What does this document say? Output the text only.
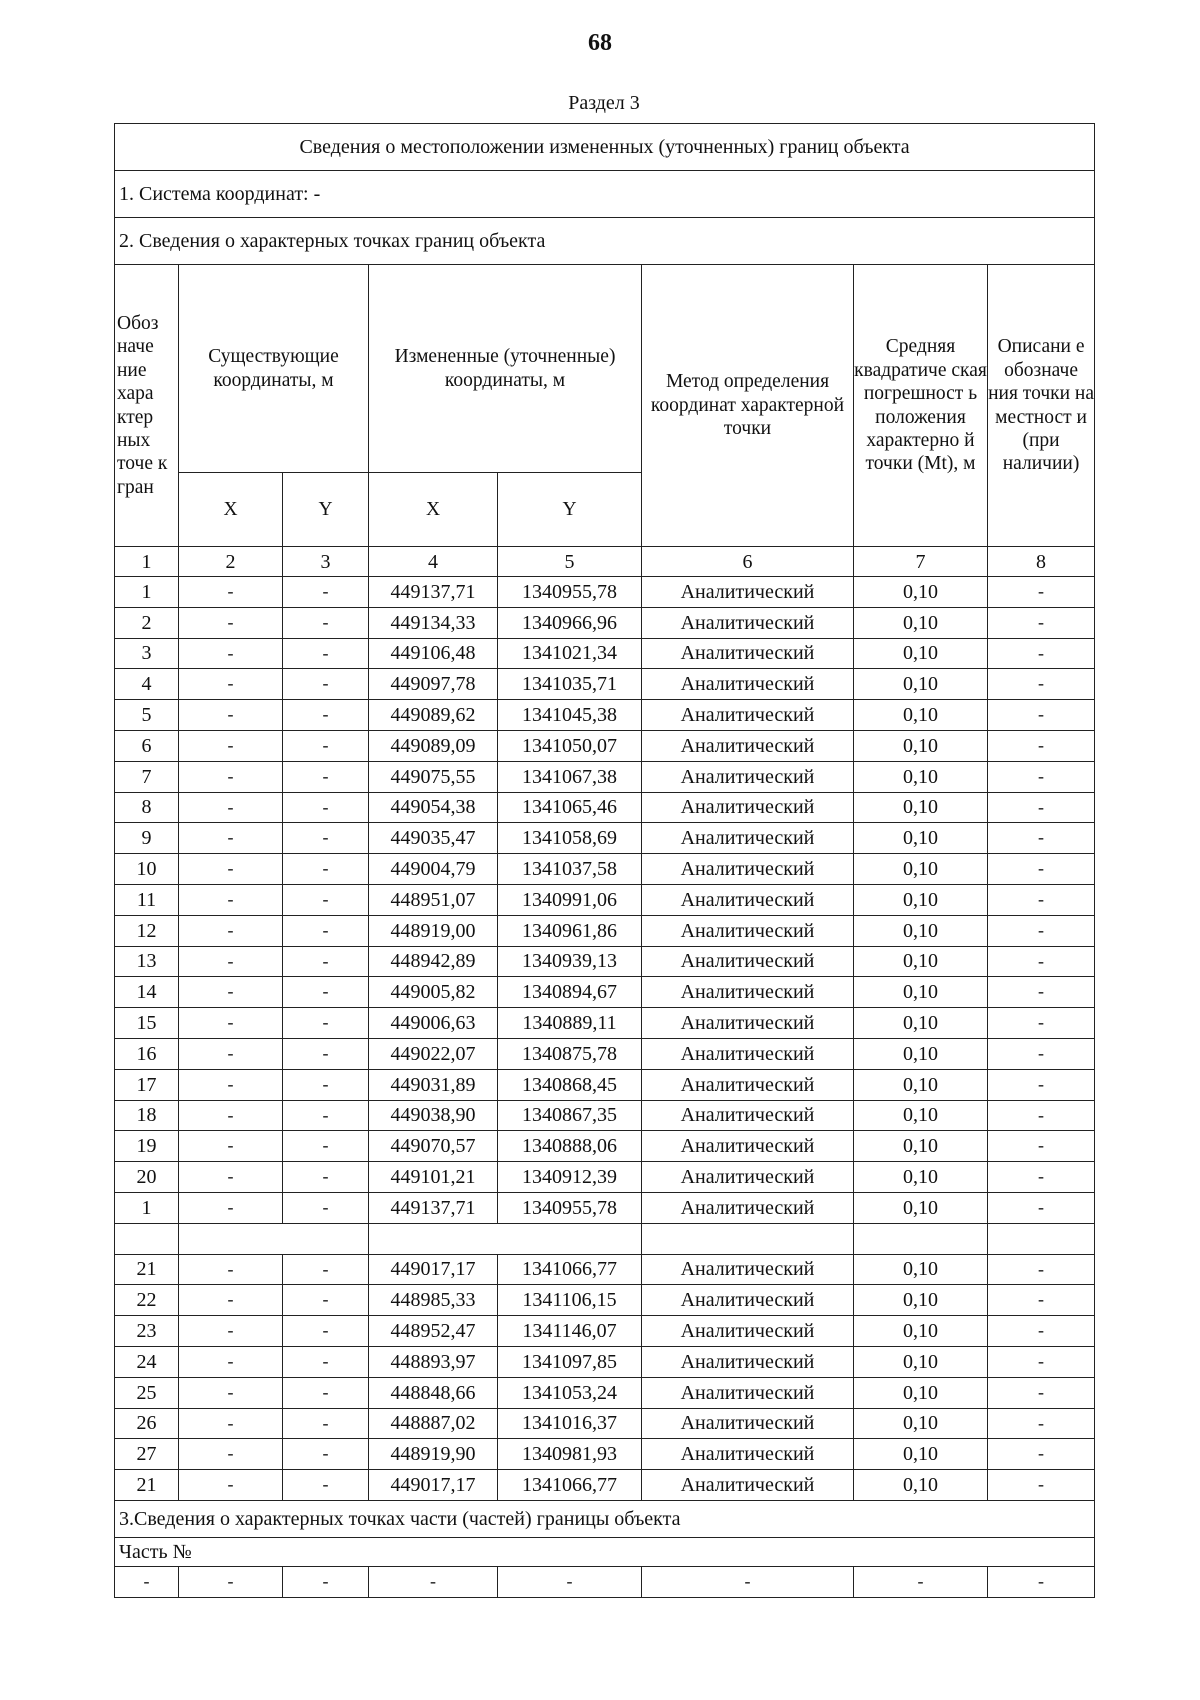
68
Раздел 3
Сведения о местоположении измененных (уточненных) границ объекта							
1. Система координат: -							
2. Сведения о характерных точках границ объекта							
Обоз наче ние хара ктер ных точе к гран	Существующие координаты, м		Измененные (уточненные) координаты, м		Метод определения координат характерной точки	Средняя квадратиче ская погрешност ь положения характерно й точки (Mt), м	Описани е обозначе ния точки на местност и (при наличии)
	X	Y	X	Y			
1	2	3	4	5	6	7	8
1	-	-	449137,71	1340955,78	Аналитический	0,10	-
2	-	-	449134,33	1340966,96	Аналитический	0,10	-
3	-	-	449106,48	1341021,34	Аналитический	0,10	-
4	-	-	449097,78	1341035,71	Аналитический	0,10	-
5	-	-	449089,62	1341045,38	Аналитический	0,10	-
6	-	-	449089,09	1341050,07	Аналитический	0,10	-
7	-	-	449075,55	1341067,38	Аналитический	0,10	-
8	-	-	449054,38	1341065,46	Аналитический	0,10	-
9	-	-	449035,47	1341058,69	Аналитический	0,10	-
10	-	-	449004,79	1341037,58	Аналитический	0,10	-
11	-	-	448951,07	1340991,06	Аналитический	0,10	-
12	-	-	448919,00	1340961,86	Аналитический	0,10	-
13	-	-	448942,89	1340939,13	Аналитический	0,10	-
14	-	-	449005,82	1340894,67	Аналитический	0,10	-
15	-	-	449006,63	1340889,11	Аналитический	0,10	-
16	-	-	449022,07	1340875,78	Аналитический	0,10	-
17	-	-	449031,89	1340868,45	Аналитический	0,10	-
18	-	-	449038,90	1340867,35	Аналитический	0,10	-
19	-	-	449070,57	1340888,06	Аналитический	0,10	-
20	-	-	449101,21	1340912,39	Аналитический	0,10	-
1	-	-	449137,71	1340955,78	Аналитический	0,10	-

21	-	-	449017,17	1341066,77	Аналитический	0,10	-
22	-	-	448985,33	1341106,15	Аналитический	0,10	-
23	-	-	448952,47	1341146,07	Аналитический	0,10	-
24	-	-	448893,97	1341097,85	Аналитический	0,10	-
25	-	-	448848,66	1341053,24	Аналитический	0,10	-
26	-	-	448887,02	1341016,37	Аналитический	0,10	-
27	-	-	448919,90	1340981,93	Аналитический	0,10	-
21	-	-	449017,17	1341066,77	Аналитический	0,10	-
3.Сведения о характерных точках части (частей) границы объекта							
Часть №							
-	-	-	-	-	-	-	-
